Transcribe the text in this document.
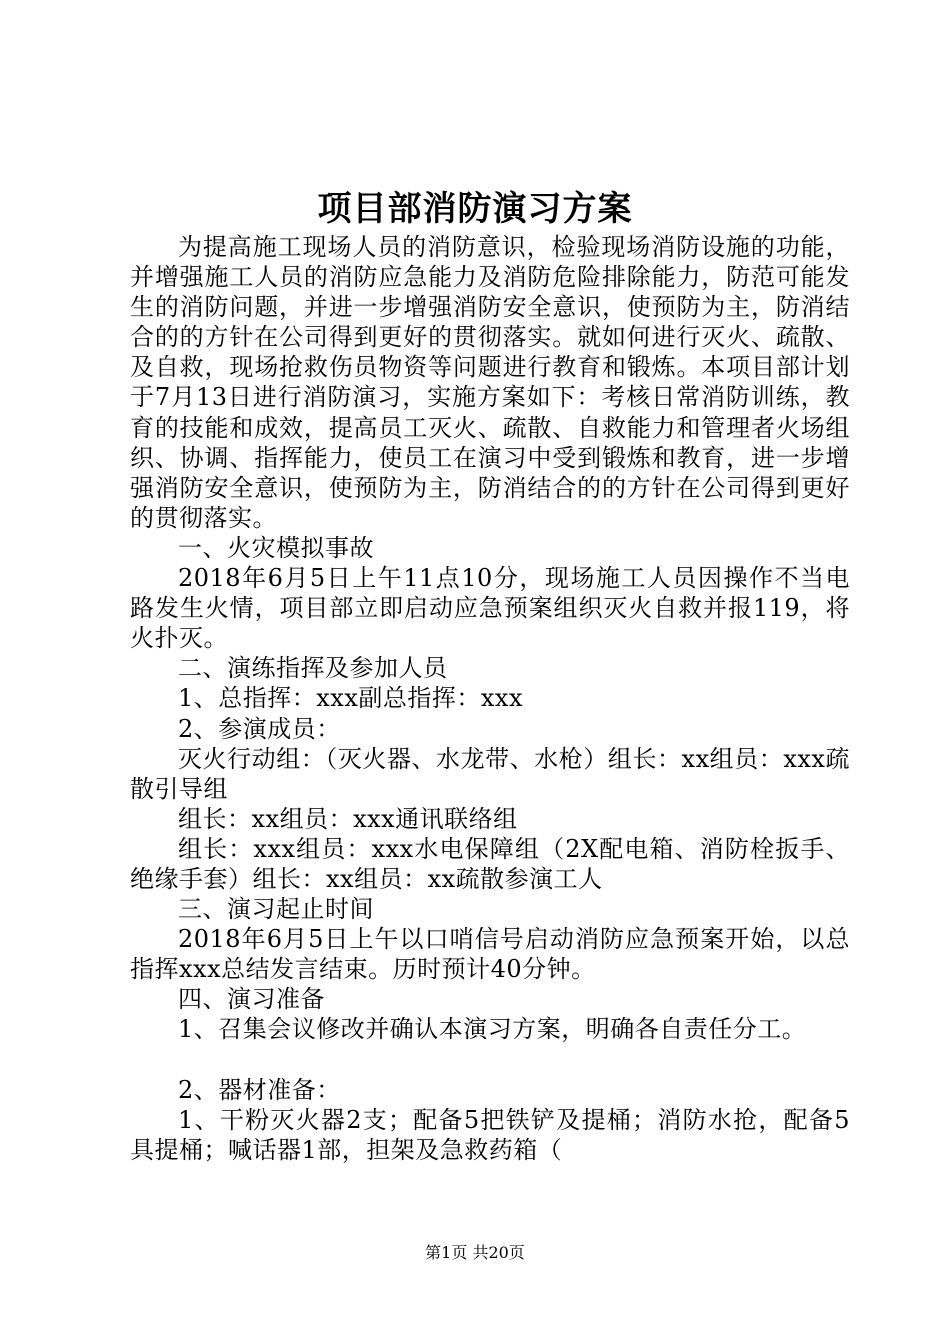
项目部消防演习方案

为提高施工现场人员的消防意识，检验现场消防设施的功能，并增强施工人员的消防应急能力及消防危险排除能力，防范可能发生的消防问题，并进一步增强消防安全意识，使预防为主，防消结合的的方针在公司得到更好的贯彻落实。就如何进行灭火、疏散、及自救，现场抢救伤员物资等问题进行教育和锻炼。本项目部计划于7月13日进行消防演习，实施方案如下：考核日常消防训练，教育的技能和成效，提高员工灭火、疏散、自救能力和管理者火场组织、协调、指挥能力，使员工在演习中受到锻炼和教育，进一步增强消防安全意识，使预防为主，防消结合的的方针在公司得到更好的贯彻落实。

一、火灾模拟事故

2018年6月5日上午11点10分，现场施工人员因操作不当电路发生火情，项目部立即启动应急预案组织灭火自救并报119，将火扑灭。

二、演练指挥及参加人员

1、总指挥：xxx副总指挥：xxx

2、参演成员：

灭火行动组：（灭火器、水龙带、水枪）组长：xx组员：xxx疏散引导组

组长：xx组员：xxx通讯联络组

组长：xxx组员：xxx水电保障组（2X配电箱、消防栓扳手、绝缘手套）组长：xx组员：xx疏散参演工人

三、演习起止时间

2018年6月5日上午以口哨信号启动消防应急预案开始，以总指挥xxx总结发言结束。历时预计40分钟。

四、演习准备

1、召集会议修改并确认本演习方案，明确各自责任分工。

2、器材准备：

1、干粉灭火器2支；配备5把铁铲及提桶；消防水抢，配备5具提桶；喊话器1部，担架及急救药箱（

第1页 共20页
